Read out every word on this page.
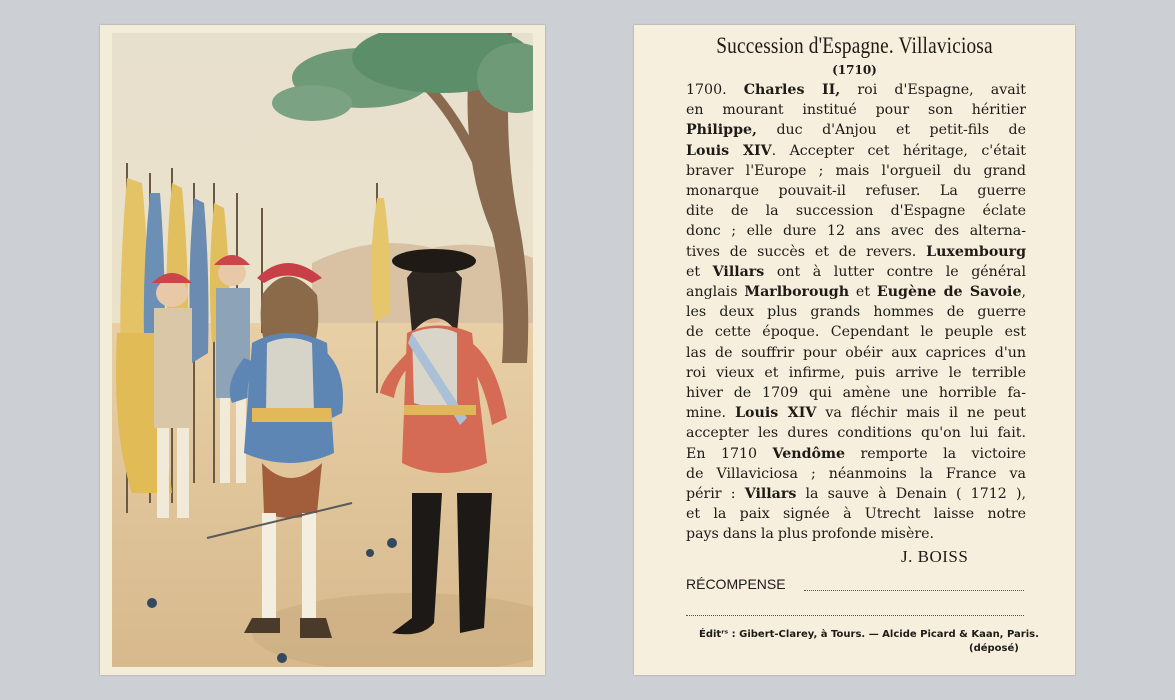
Succession d'Espagne. Villaviciosa
(1710)
1700. Charles II, roi d'Espagne, avait
en mourant institué pour son héritier
Philippe, duc d'Anjou et petit-fils de
Louis XIV. Accepter cet héritage, c'était
braver l'Europe ; mais l'orgueil du grand
monarque pouvait-il refuser. La guerre
dite de la succession d'Espagne éclate
donc ; elle dure 12 ans avec des alterna-
tives de succès et de revers. Luxembourg
et Villars ont à lutter contre le général
anglais Marlborough et Eugène de Savoie,
les deux plus grands hommes de guerre
de cette époque. Cependant le peuple est
las de souffrir pour obéir aux caprices d'un
roi vieux et infirme, puis arrive le terrible
hiver de 1709 qui amène une horrible fa-
mine. Louis XIV va fléchir mais il ne peut
accepter les dures conditions qu'on lui fait.
En 1710 Vendôme remporte la victoire
de Villaviciosa ; néanmoins la France va
périr : Villars la sauve à Denain ( 1712 ),
et la paix signée à Utrecht laisse notre
pays dans la plus profonde misère.
J. BOISS
RÉCOMPENSE
Éditʳˢ : Gibert-Clarey, à Tours. — Alcide Picard & Kaan, Paris.
(déposé)
